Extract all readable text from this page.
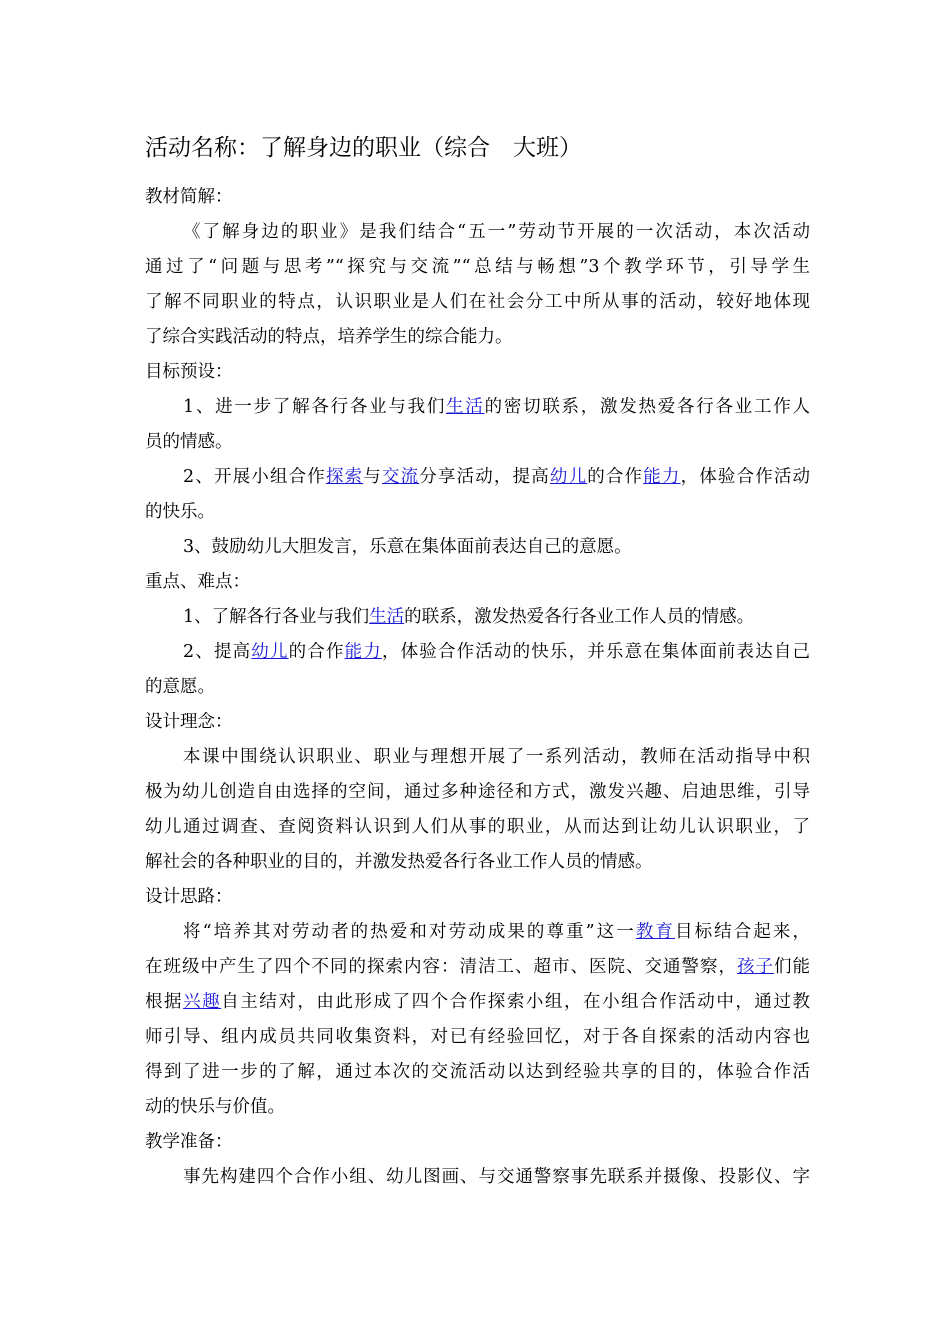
活动名称：了解身边的职业（综合　大班）
教材简解：
《了解身边的职业》是我们结合“五一”劳动节开展的一次活动，本次活动
通过了“问题与思考”“探究与交流”“总结与畅想”3个教学环节，引导学生
了解不同职业的特点，认识职业是人们在社会分工中所从事的活动，较好地体现
了综合实践活动的特点，培养学生的综合能力。
目标预设：
1、进一步了解各行各业与我们生活的密切联系，激发热爱各行各业工作人
员的情感。
2、开展小组合作探索与交流分享活动，提高幼儿的合作能力，体验合作活动
的快乐。
3、鼓励幼儿大胆发言，乐意在集体面前表达自己的意愿。
重点、难点：
1、了解各行各业与我们生活的联系，激发热爱各行各业工作人员的情感。
2、提高幼儿的合作能力，体验合作活动的快乐，并乐意在集体面前表达自己
的意愿。
设计理念：
本课中围绕认识职业、职业与理想开展了一系列活动，教师在活动指导中积
极为幼儿创造自由选择的空间，通过多种途径和方式，激发兴趣、启迪思维，引导
幼儿通过调查、查阅资料认识到人们从事的职业，从而达到让幼儿认识职业，了
解社会的各种职业的目的，并激发热爱各行各业工作人员的情感。
设计思路：
将“培养其对劳动者的热爱和对劳动成果的尊重”这一教育目标结合起来，
在班级中产生了四个不同的探索内容：清洁工、超市、医院、交通警察，孩子们能
根据兴趣自主结对，由此形成了四个合作探索小组，在小组合作活动中，通过教
师引导、组内成员共同收集资料，对已有经验回忆，对于各自探索的活动内容也
得到了进一步的了解，通过本次的交流活动以达到经验共享的目的，体验合作活
动的快乐与价值。
教学准备：
事先构建四个合作小组、幼儿图画、与交通警察事先联系并摄像、投影仪、字
